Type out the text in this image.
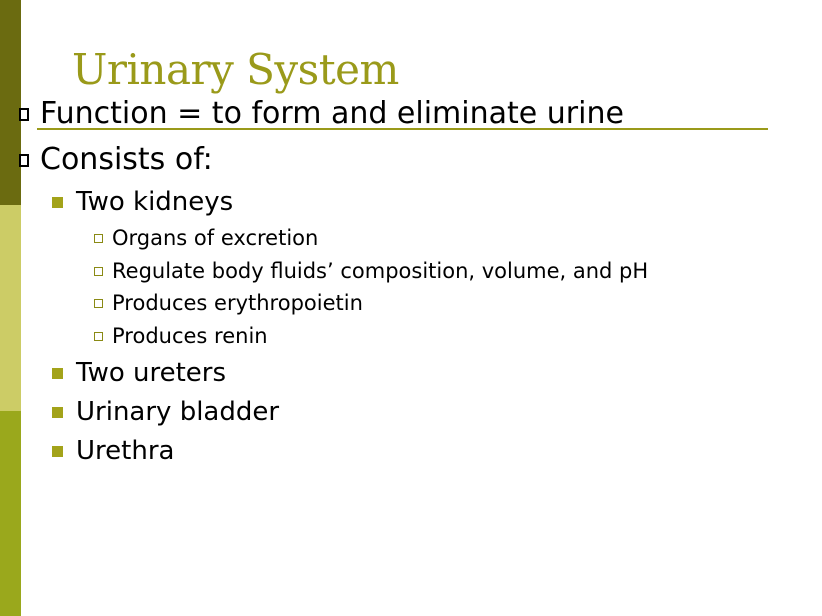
Urinary System
Function = to form and eliminate urine
Consists of:
Two kidneys
Organs of excretion
Regulate body fluids’ composition, volume, and pH
Produces erythropoietin
Produces renin
Two ureters
Urinary bladder
Urethra
